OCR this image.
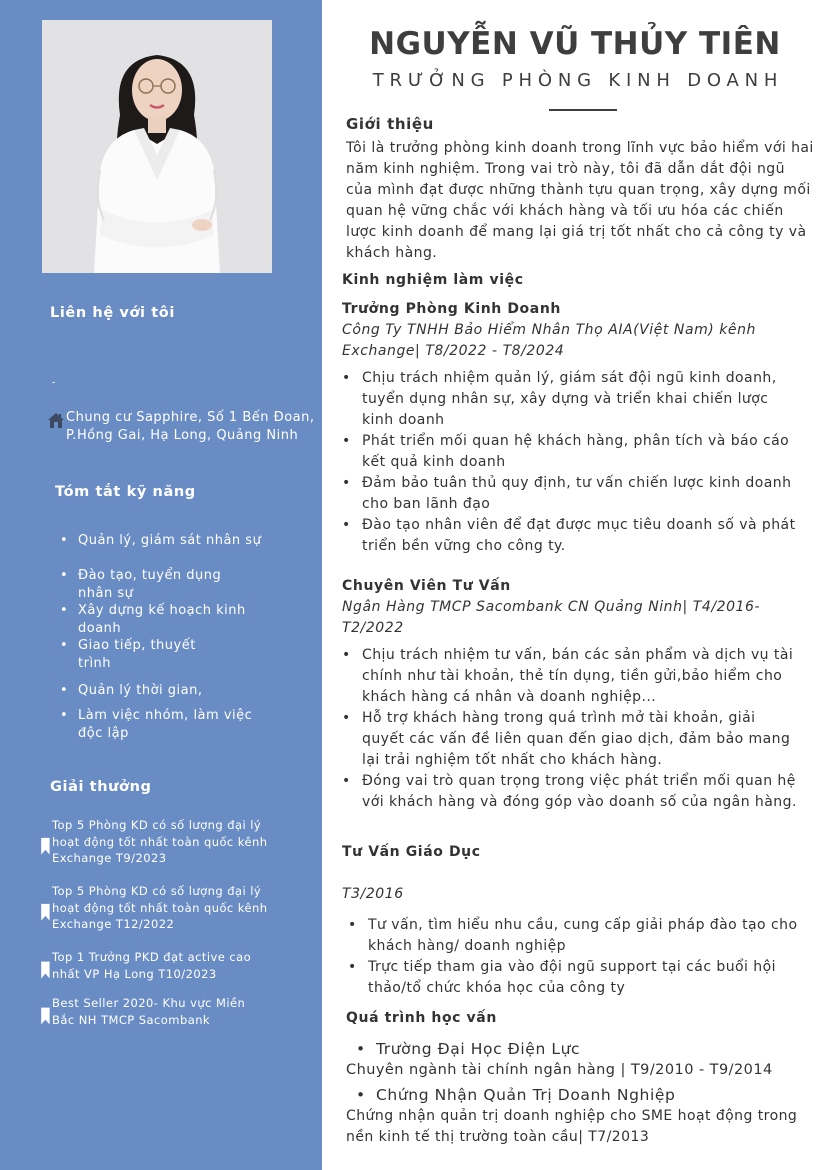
Liên hệ với tôi
Chung cư Sapphire, Số 1 Bến Đoan, P.Hồng Gai, Hạ Long, Quảng Ninh
Tóm tắt kỹ năng
• Quản lý, giám sát nhân sự
• Đào tạo, tuyển dụng nhân sự
• Xây dựng kế hoạch kinh doanh
• Giao tiếp, thuyết trình
• Quản lý thời gian,
• Làm việc nhóm, làm việc độc lập
Giải thưởng
Top 5 Phòng KD có số lượng đại lý hoạt động tốt nhất toàn quốc kênh Exchange T9/2023
Top 5 Phòng KD có số lượng đại lý hoạt động tốt nhất toàn quốc kênh Exchange T12/2022
Top 1 Trưởng PKD đạt active cao nhất VP Hạ Long T10/2023
Best Seller 2020- Khu vực Miền Bắc NH TMCP Sacombank
NGUYỄN VŨ THỦY TIÊN
TRƯỞNG PHÒNG KINH DOANH
Giới thiệu
Tôi là trưởng phòng kinh doanh trong lĩnh vực bảo hiểm với hai năm kinh nghiệm. Trong vai trò này, tôi đã dẫn dắt đội ngũ của mình đạt được những thành tựu quan trọng, xây dựng mối quan hệ vững chắc với khách hàng và tối ưu hóa các chiến lược kinh doanh để mang lại giá trị tốt nhất cho cả công ty và khách hàng.
Kinh nghiệm làm việc
Trưởng Phòng Kinh Doanh
Công Ty TNHH Bảo Hiểm Nhân Thọ AIA(Việt Nam) kênh Exchange| T8/2022 - T8/2024
• Chịu trách nhiệm quản lý, giám sát đội ngũ kinh doanh, tuyển dụng nhân sự, xây dựng và triển khai chiến lược kinh doanh
• Phát triển mối quan hệ khách hàng, phân tích và báo cáo kết quả kinh doanh
• Đảm bảo tuân thủ quy định, tư vấn chiến lược kinh doanh cho ban lãnh đạo
• Đào tạo nhân viên để đạt được mục tiêu doanh số và phát triển bền vững cho công ty.
Chuyên Viên Tư Vấn
Ngân Hàng TMCP Sacombank CN Quảng Ninh| T4/2016-T2/2022
• Chịu trách nhiệm tư vấn, bán các sản phẩm và dịch vụ tài chính như tài khoản, thẻ tín dụng, tiền gửi,bảo hiểm cho khách hàng cá nhân và doanh nghiệp...
• Hỗ trợ khách hàng trong quá trình mở tài khoản, giải quyết các vấn đề liên quan đến giao dịch, đảm bảo mang lại trải nghiệm tốt nhất cho khách hàng.
• Đóng vai trò quan trọng trong việc phát triển mối quan hệ với khách hàng và đóng góp vào doanh số của ngân hàng.
Tư Vấn Giáo Dục
T3/2016
• Tư vấn, tìm hiểu nhu cầu, cung cấp giải pháp đào tạo cho khách hàng/ doanh nghiệp
• Trực tiếp tham gia vào đội ngũ support tại các buổi hội thảo/tổ chức khóa học của công ty
Quá trình học vấn
• Trường Đại Học Điện Lực
Chuyên ngành tài chính ngân hàng | T9/2010 - T9/2014
• Chứng Nhận Quản Trị Doanh Nghiệp
Chứng nhận quản trị doanh nghiệp cho SME hoạt động trong nền kinh tế thị trường toàn cầu| T7/2013
